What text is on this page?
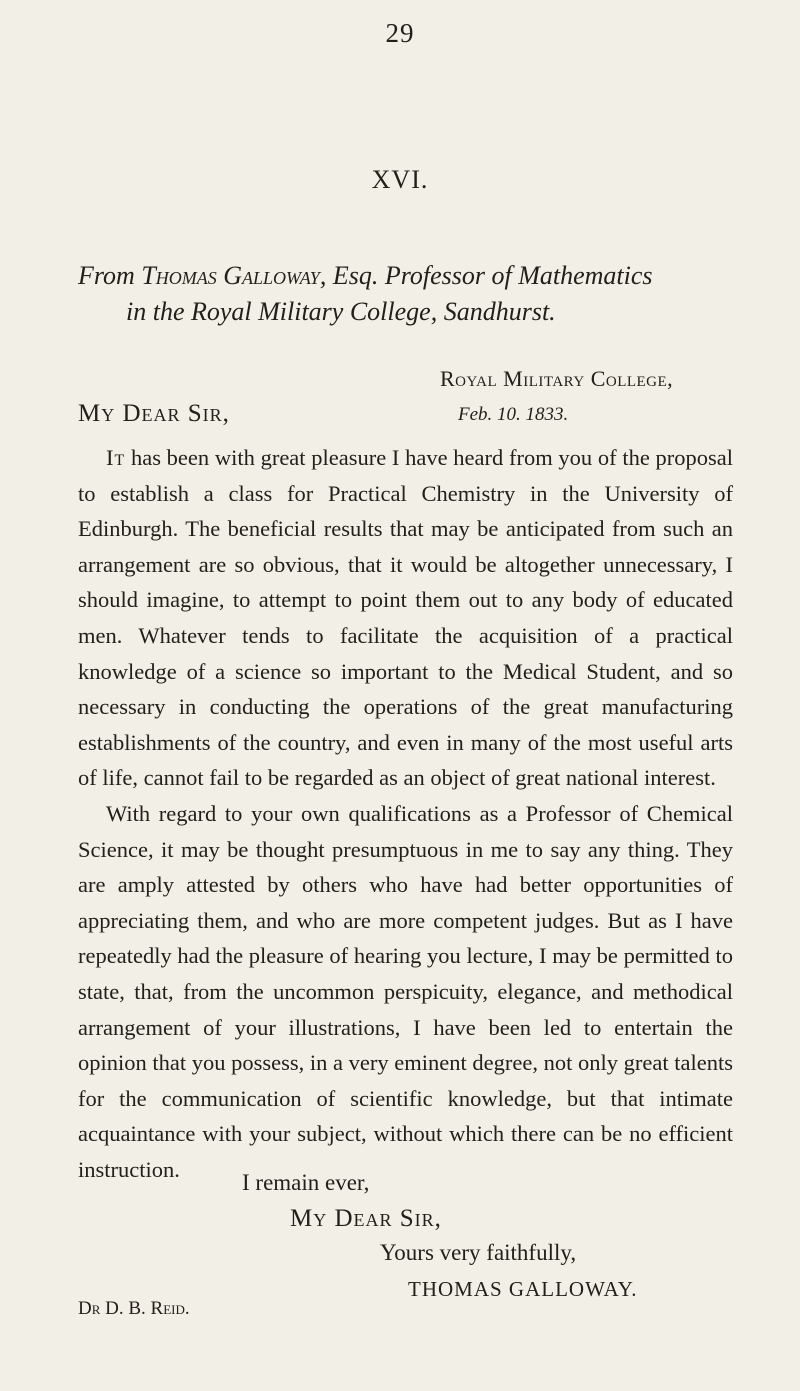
29
XVI.
From Thomas Galloway, Esq. Professor of Mathematics
in the Royal Military College, Sandhurst.
Royal Military College,
My Dear Sir,	Feb. 10. 1833.

It has been with great pleasure I have heard from you of the proposal to establish a class for Practical Chemistry in the University of Edinburgh. The beneficial results that may be anticipated from such an arrangement are so obvious, that it would be altogether unnecessary, I should imagine, to attempt to point them out to any body of educated men. Whatever tends to facilitate the acquisition of a practical knowledge of a science so important to the Medical Student, and so necessary in conducting the operations of the great manufacturing establishments of the country, and even in many of the most useful arts of life, cannot fail to be regarded as an object of great national interest.

With regard to your own qualifications as a Professor of Chemical Science, it may be thought presumptuous in me to say any thing. They are amply attested by others who have had better opportunities of appreciating them, and who are more competent judges. But as I have repeatedly had the pleasure of hearing you lecture, I may be permitted to state, that, from the uncommon perspicuity, elegance, and methodical arrangement of your illustrations, I have been led to entertain the opinion that you possess, in a very eminent degree, not only great talents for the communication of scientific knowledge, but that intimate acquaintance with your subject, without which there can be no efficient instruction.

I remain ever,
My Dear Sir,
Yours very faithfully,
THOMAS GALLOWAY.
Dr D. B. Reid.
